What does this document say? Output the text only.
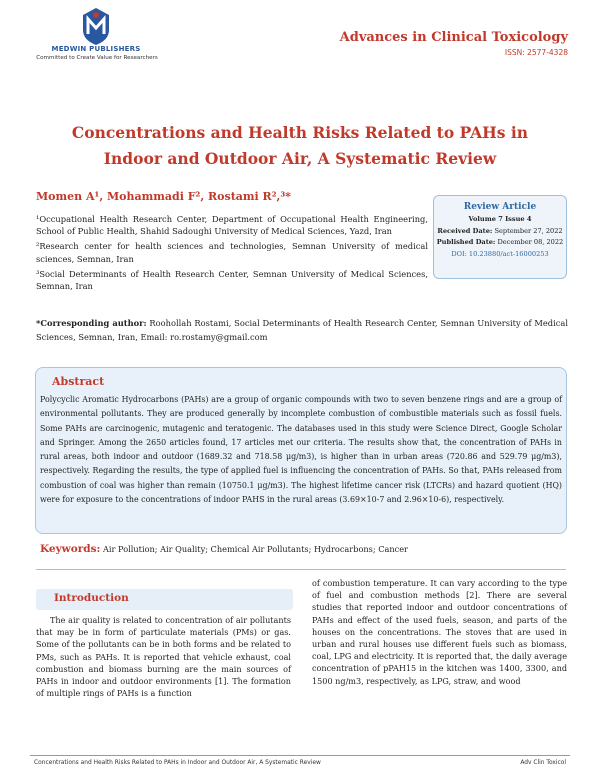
MEDWIN PUBLISHERS
Committed to Create Value for Researchers
Advances in Clinical Toxicology
ISSN: 2577-4328
Concentrations and Health Risks Related to PAHs in Indoor and Outdoor Air, A Systematic Review
Momen A¹, Mohammadi F², Rostami R²,³*

¹Occupational Health Research Center, Department of Occupational Health Engineering, School of Public Health, Shahid Sadoughi University of Medical Sciences, Yazd, Iran

²Research center for health sciences and technologies, Semnan University of medical sciences, Semnan, Iran

³Social Determinants of Health Research Center, Semnan University of Medical Sciences, Semnan, Iran

Review Article
Volume 7 Issue 4
Received Date: September 27, 2022
Published Date: December 08, 2022
DOI: 10.23880/act-16000253
*Corresponding author: Roohollah Rostami, Social Determinants of Health Research Center, Semnan University of Medical Sciences, Semnan, Iran, Email: ro.rostamy@gmail.com
Abstract
Polycyclic Aromatic Hydrocarbons (PAHs) are a group of organic compounds with two to seven benzene rings and are a group of environmental pollutants. They are produced generally by incomplete combustion of combustible materials such as fossil fuels. Some PAHs are carcinogenic, mutagenic and teratogenic. The databases used in this study were Science Direct, Google Scholar and Springer. Among the 2650 articles found, 17 articles met our criteria. The results show that, the concentration of PAHs in rural areas, both indoor and outdoor (1689.32 and 718.58 μg/m3), is higher than in urban areas (720.86 and 529.79 μg/m3), respectively. Regarding the results, the type of applied fuel is influencing the concentration of PAHs. So that, PAHs released from combustion of coal was higher than remain (10750.1 μg/m3). The highest lifetime cancer risk (LTCRs) and hazard quotient (HQ) were for exposure to the concentrations of indoor PAHS in the rural areas (3.69×10-7 and 2.96×10-6), respectively.
Keywords: Air Pollution; Air Quality; Chemical Air Pollutants; Hydrocarbons; Cancer
Introduction
The air quality is related to concentration of air pollutants that may be in form of particulate materials (PMs) or gas. Some of the pollutants can be in both forms and be related to PMs, such as PAHs. It is reported that vehicle exhaust, coal combustion and biomass burning are the main sources of PAHs in indoor and outdoor environments [1]. The formation of multiple rings of PAHs is a function
of combustion temperature. It can vary according to the type of fuel and combustion methods [2]. There are several studies that reported indoor and outdoor concentrations of PAHs and effect of the used fuels, season, and parts of the houses on the concentrations. The stoves that are used in urban and rural houses use different fuels such as biomass, coal, LPG and electricity. It is reported that, the daily average concentration of pPAH15 in the kitchen was 1400, 3300, and 1500 ng/m3, respectively, as LPG, straw, and wood
Concentrations and Health Risks Related to PAHs in Indoor and Outdoor Air, A Systematic Review	Adv Clin Toxicol
